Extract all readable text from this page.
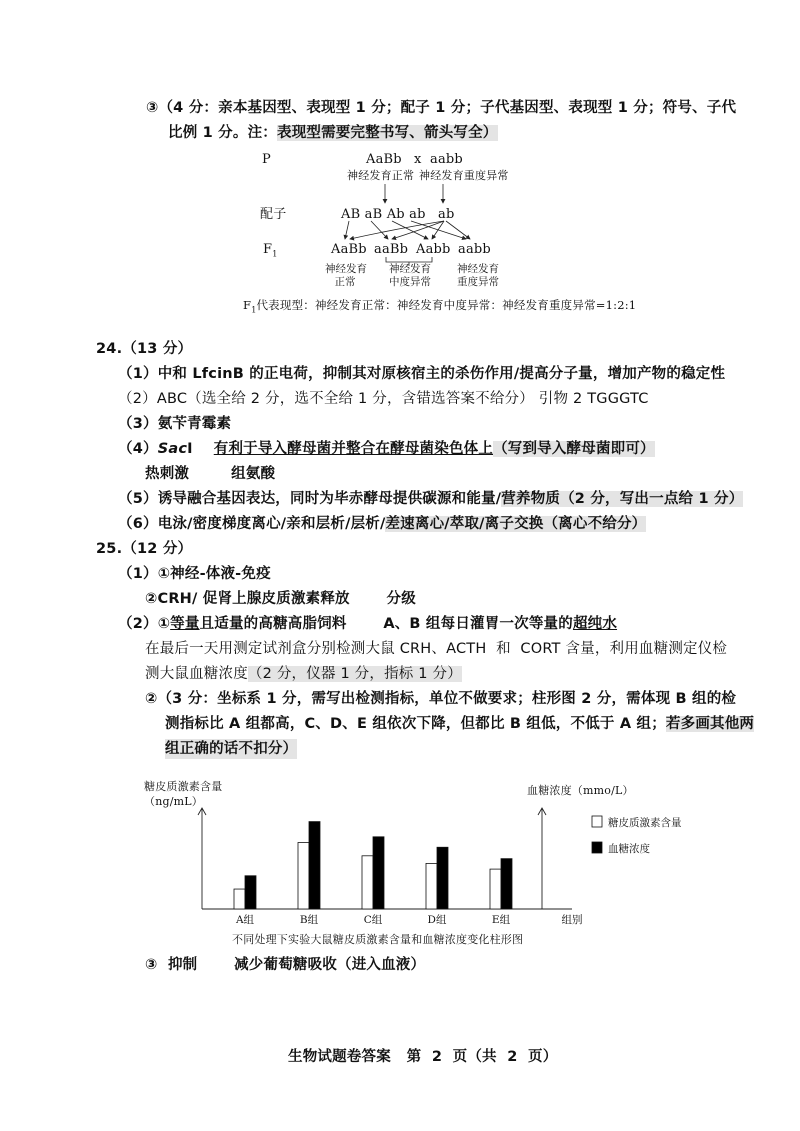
③（4 分：亲本基因型、表现型 1 分；配子 1 分；子代基因型、表现型 1 分；符号、子代
比例 1 分。注：表现型需要完整书写、箭头写全）
P	AaBb x aabb
神经发育正常 神经发育重度异常
配子	AB aB Ab ab ab
$F_1$	AaBb aaBb Aabb aabb
神经发育
正常
神经发育
中度异常
神经发育
重度异常
$F_1$代表现型：神经发育正常：神经发育中度异常：神经发育重度异常=1:2:1
24.（13 分）
（1）中和 LfcinB 的正电荷，抑制其对原核宿主的杀伤作用/提高分子量，增加产物的稳定性
（2）ABC（选全给 2 分，选不全给 1 分，含错选答案不给分） 引物 2 TGGGTC
（3）氨苄青霉素
（4）SacⅠ 有利于导入酵母菌并整合在酵母菌染色体上（写到导入酵母菌即可）
热刺激        组氨酸
（5）诱导融合基因表达，同时为毕赤酵母提供碳源和能量/营养物质（2 分，写出一点给 1 分）
（6）电泳/密度梯度离心/亲和层析/层析/差速离心/萃取/离子交换（离心不给分）
25.（12 分）
（1）①神经-体液-免疫
②CRH/ 促肾上腺皮质激素释放       分级
（2）①等量且适量的高糖高脂饲料       A、B 组每日灌胃一次等量的超纯水
在最后一天用测定试剂盒分别检测大鼠 CRH、ACTH  和  CORT 含量，利用血糖测定仪检
测大鼠血糖浓度（2 分，仪器 1 分，指标 1 分）
②（3 分：坐标系 1 分，需写出检测指标，单位不做要求；柱形图 2 分，需体现 B 组的检
测指标比 A 组都高，C、D、E 组依次下降，但都比 B 组低，不低于 A 组；若多画其他两
组正确的话不扣分）
糖皮质激素含量
（ng/mL）
血糖浓度（mmo/L）
A组	B组	C组	D组	E组	组别
糖皮质激素含量
血糖浓度
不同处理下实验大鼠糖皮质激素含量和血糖浓度变化柱形图
③  抑制       减少葡萄糖吸收（进入血液）
生物试题卷答案   第  2  页（共  2  页）
